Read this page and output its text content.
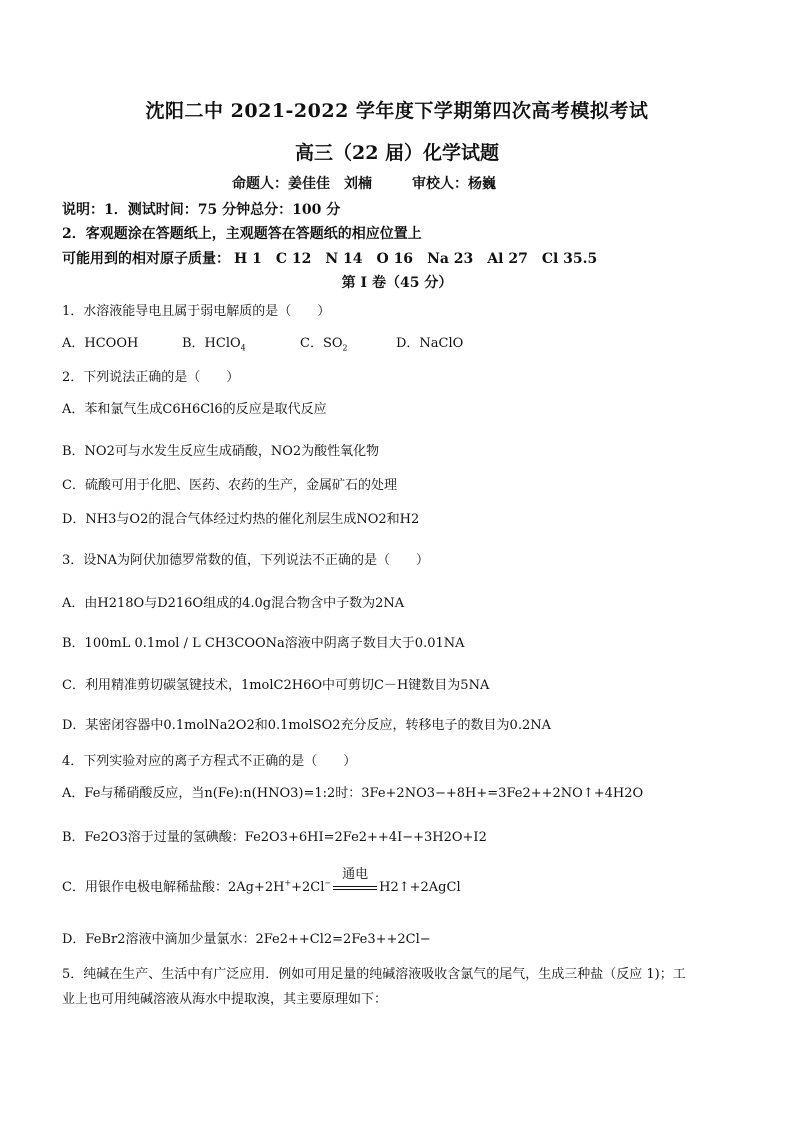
沈阳二中 2021-2022 学年度下学期第四次高考模拟考试
高三（22 届）化学试题
命题人：姜佳佳　刘楠	审校人：杨巍
说明：1．测试时间：75 分钟总分：100 分
2．客观题涂在答题纸上，主观题答在答题纸的相应位置上
可能用到的相对原子质量： H 1 C 12 N 14 O 16 Na 23 Al 27 Cl 35.5
第 I 卷（45 分）
1．水溶液能导电且属于弱电解质的是（　　）
A．HCOOH	B．HClO$_4$	C．$SO_2$	D．NaClO
2．下列说法正确的是（　　）
A．苯和氯气生成C6H6Cl6的反应是取代反应
B．NO2可与水发生反应生成硝酸，NO2为酸性氧化物
C．硫酸可用于化肥、医药、农药的生产，金属矿石的处理
D．NH3与O2的混合气体经过灼热的催化剂层生成NO2和H2
3．设NA为阿伏加德罗常数的值，下列说法不正确的是（　　）
A．由H218O与D216O组成的4.0g混合物含中子数为2NA
B．100mL 0.1mol / L CH3COONa溶液中阴离子数目大于0.01NA
C．利用精准剪切碳氢键技术，1molC2H6O中可剪切C－H键数目为5NA
D．某密闭容器中0.1molNa2O2和0.1molSO2充分反应，转移电子的数目为0.2NA
4．下列实验对应的离子方程式不正确的是（　　）
A．Fe与稀硝酸反应，当n(Fe):n(HNO3)=1:2时：3Fe+2NO3−+8H+=3Fe2++2NO↑+4H2O
B．Fe2O3溶于过量的氢碘酸：Fe2O3+6HI=2Fe2++4I−+3H2O+I2
C．用银作电极电解稀盐酸：2Ag+2H++2Cl−
通电
H2↑+2AgCl
D．FeBr2溶液中滴加少量氯水：2Fe2++Cl2=2Fe3++2Cl−
5．纯碱在生产、生活中有广泛应用．例如可用足量的纯碱溶液吸收含氯气的尾气，生成三种盐（反应 1)；工
业上也可用纯碱溶液从海水中提取溴，其主要原理如下：
